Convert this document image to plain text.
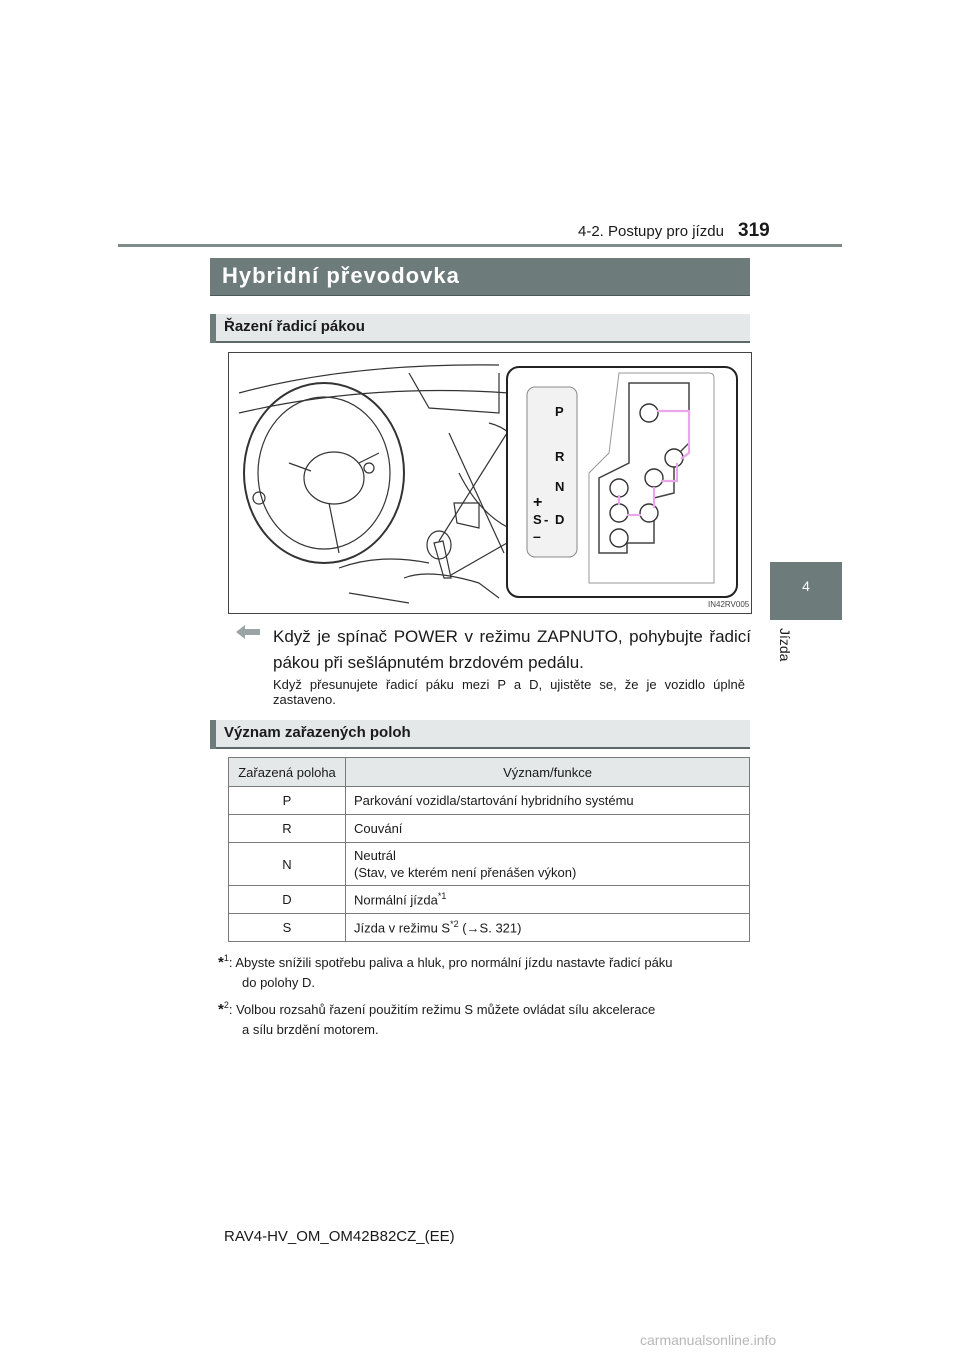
4-2. Postupy pro jízdu 319
4
Jízda
Hybridní převodovka
Řazení řadicí pákou
P
R
N
D
S -
+
–
IN42RV005
Když je spínač POWER v režimu ZAPNUTO, pohybujte řadicí pákou při sešlápnutém brzdovém pedálu.
Když přesunujete řadicí páku mezi P a D, ujistěte se, že je vozidlo úplně zastaveno.
Význam zařazených poloh
Zařazená poloha	Význam/funkce
P	Parkování vozidla/startování hybridního systému
R	Couvání
N	Neutrál
(Stav, ve kterém není přenášen výkon)
D	Normální jízda$^{*1}$
S	Jízda v režimu $S^{*2}$ (→S. 321)
*$^1$: Abyste snížili spotřebu paliva a hluk, pro normální jízdu nastavte řadicí páku
do polohy D.
*$^2$: Volbou rozsahů řazení použitím režimu S můžete ovládat sílu akcelerace
a sílu brzdění motorem.
RAV4-HV_OM_OM42B82CZ_(EE)
carmanualsonline.info
